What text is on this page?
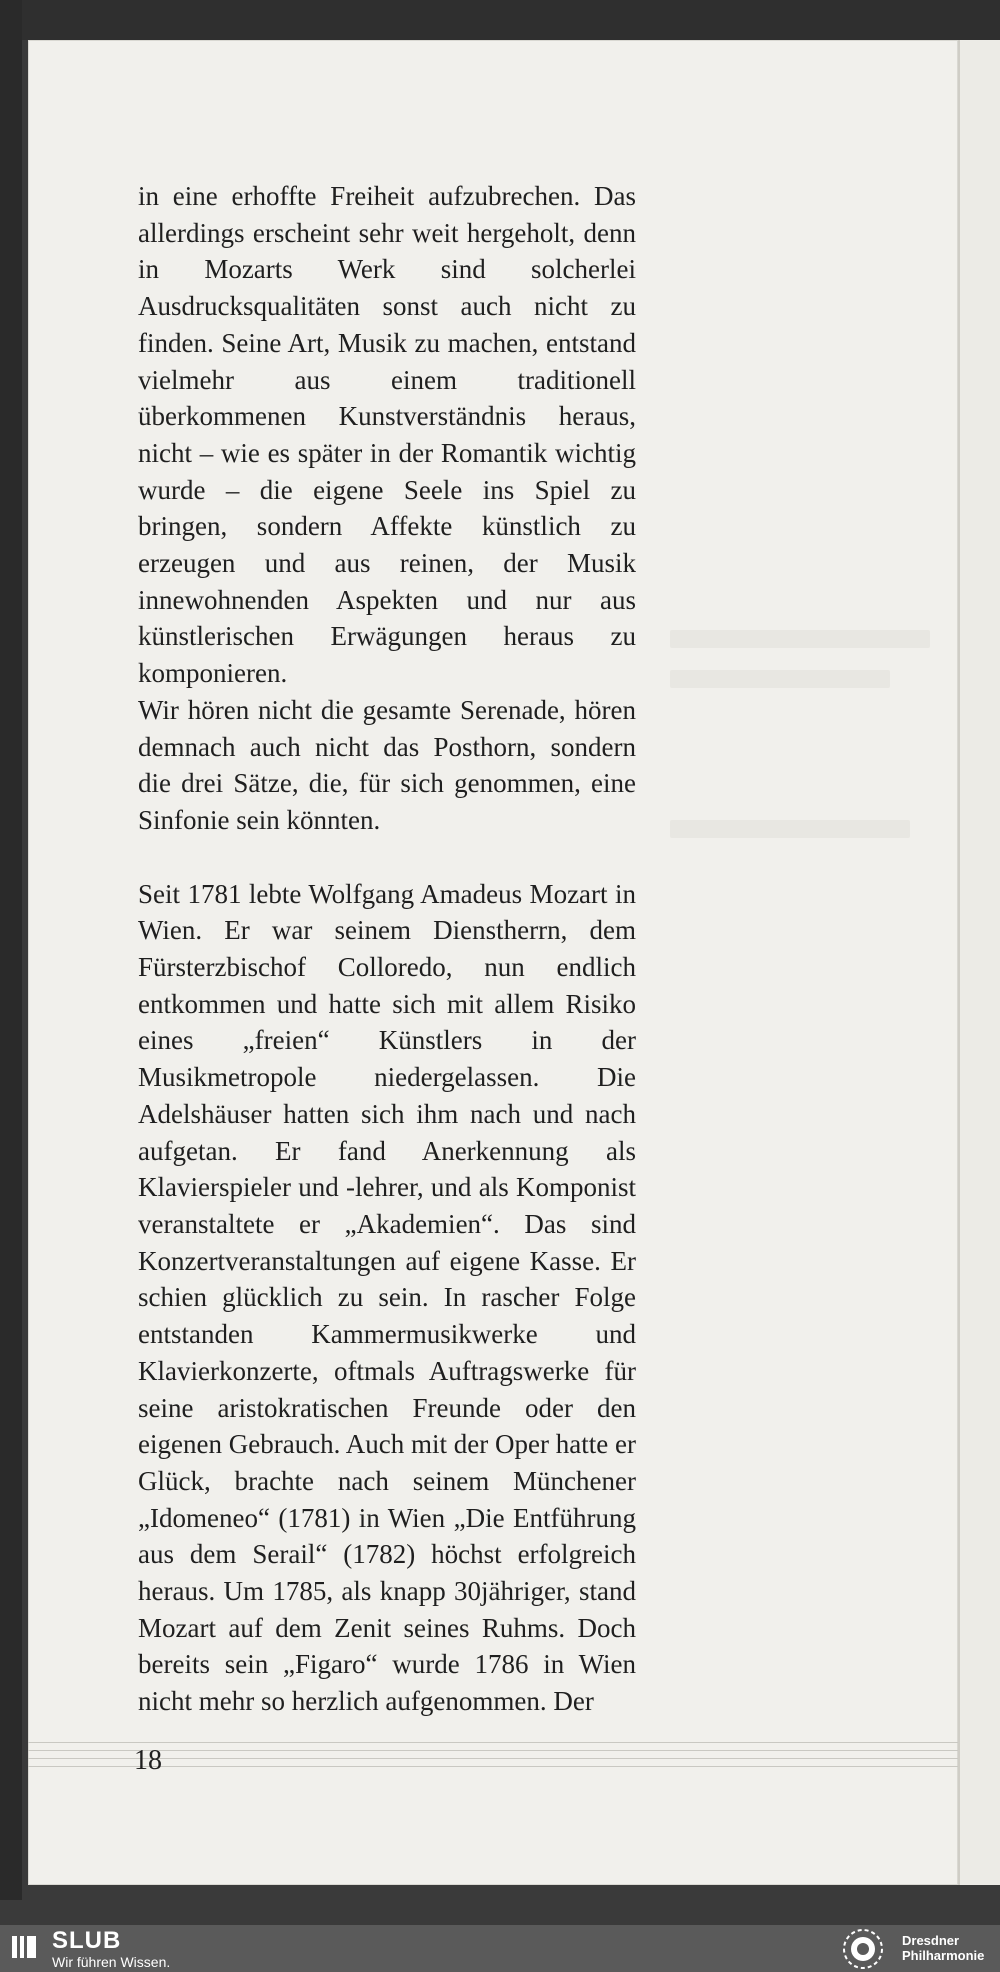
in eine erhoffte Freiheit aufzubrechen. Das allerdings erscheint sehr weit hergeholt, denn in Mozarts Werk sind solcherlei Ausdrucksqualitäten sonst auch nicht zu finden. Seine Art, Musik zu machen, entstand vielmehr aus einem traditionell überkommenen Kunstverständnis heraus, nicht – wie es später in der Romantik wichtig wurde – die eigene Seele ins Spiel zu bringen, sondern Affekte künstlich zu erzeugen und aus reinen, der Musik innewohnenden Aspekten und nur aus künstlerischen Erwägungen heraus zu komponieren.

Wir hören nicht die gesamte Serenade, hören demnach auch nicht das Posthorn, sondern die drei Sätze, die, für sich genommen, eine Sinfonie sein könnten.

Seit 1781 lebte Wolfgang Amadeus Mozart in Wien. Er war seinem Dienstherrn, dem Fürsterzbischof Colloredo, nun endlich entkommen und hatte sich mit allem Risiko eines „freien“ Künstlers in der Musikmetropole niedergelassen. Die Adelshäuser hatten sich ihm nach und nach aufgetan. Er fand Anerkennung als Klavierspieler und -lehrer, und als Komponist veranstaltete er „Akademien“. Das sind Konzertveranstaltungen auf eigene Kasse. Er schien glücklich zu sein. In rascher Folge entstanden Kammermusikwerke und Klavierkonzerte, oftmals Auftragswerke für seine aristokratischen Freunde oder den eigenen Gebrauch. Auch mit der Oper hatte er Glück, brachte nach seinem Münchener „Idomeneo“ (1781) in Wien „Die Entführung aus dem Serail“ (1782) höchst erfolgreich heraus. Um 1785, als knapp 30jähriger, stand Mozart auf dem Zenit seines Ruhms. Doch bereits sein „Figaro“ wurde 1786 in Wien nicht mehr so herzlich aufgenommen. Der

18
SLUB
Wir führen Wissen.
Dresdner
Philharmonie
